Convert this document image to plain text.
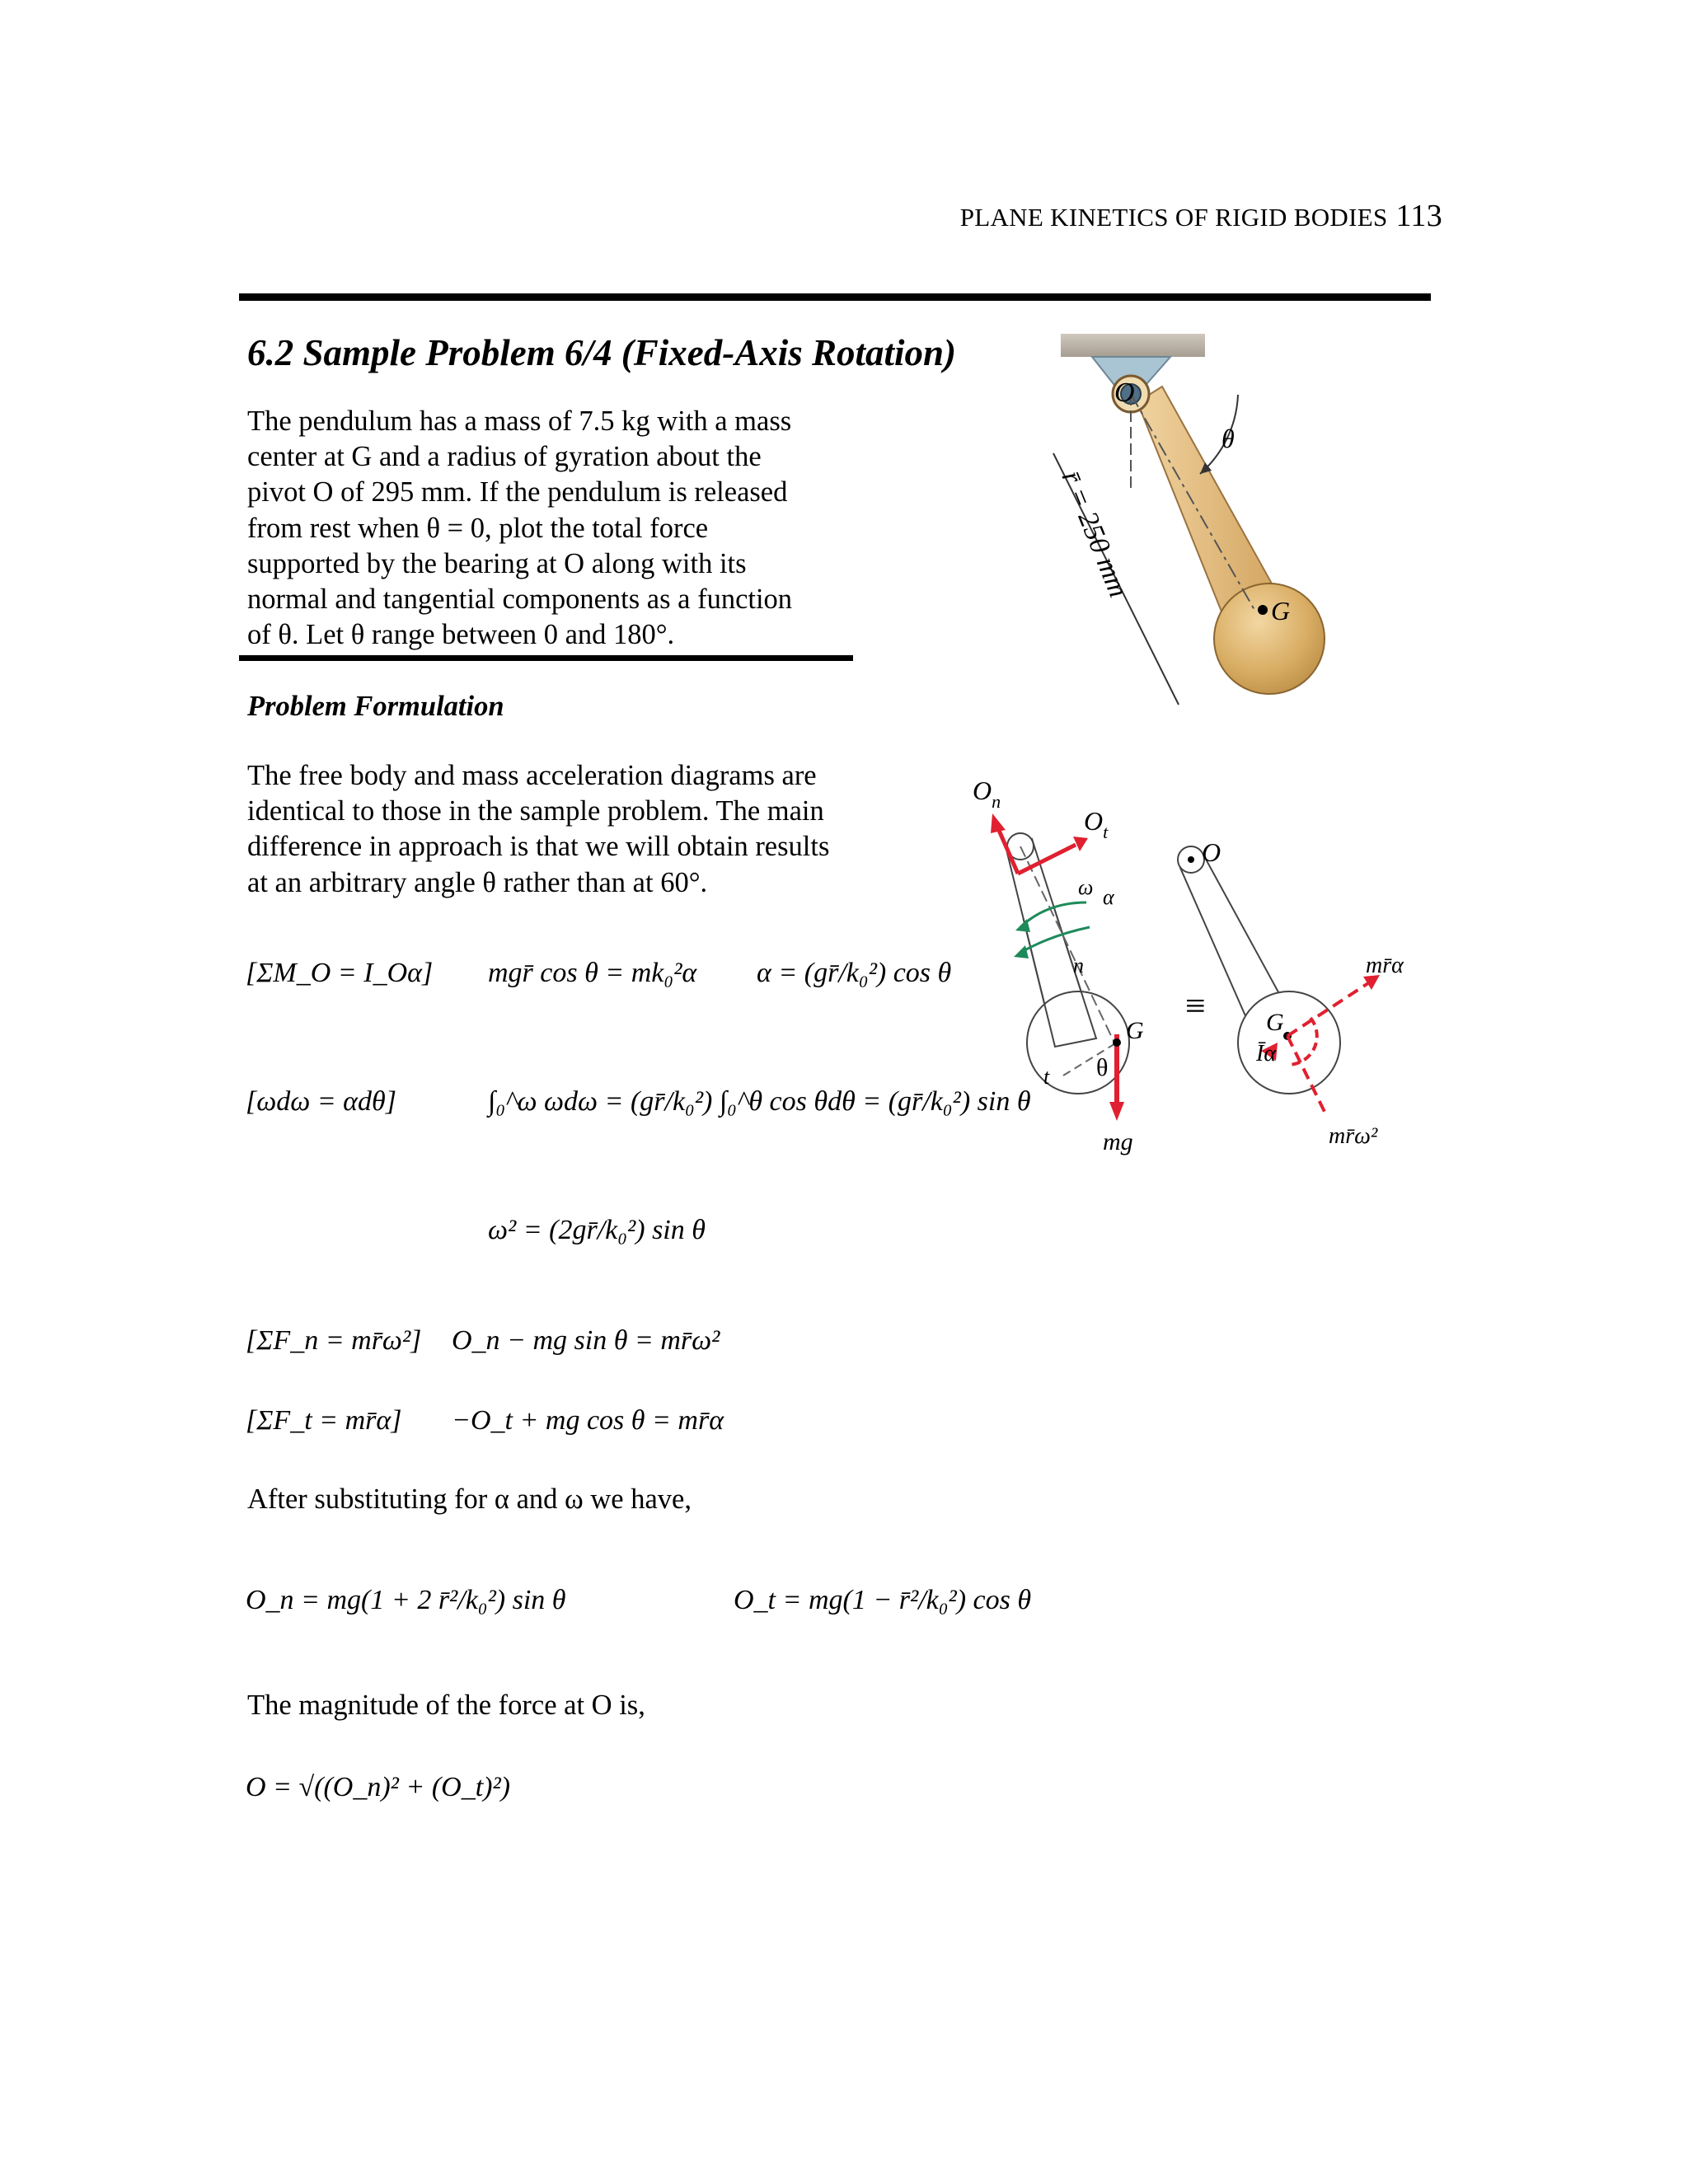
PLANE KINETICS OF RIGID BODIES 113
6.2 Sample Problem 6/4 (Fixed-Axis Rotation)

The pendulum has a mass of 7.5 kg with a mass

center at G and a radius of gyration about the

pivot O of 295 mm. If the pendulum is released

from rest when θ = 0, plot the total force

supported by the bearing at O along with its

normal and tangential components as a function

of θ. Let θ range between 0 and 180°.

Problem Formulation

The free body and mass acceleration diagrams are

identical to those in the sample problem. The main

difference in approach is that we will obtain results

at an arbitrary angle θ rather than at 60°.

[ΣM_O = I_Oα] mgr̄ cos θ = mk₀²α α = (gr̄/k₀²) cos θ
[ωdω = αdθ]	∫₀^ω ωdω = (gr̄/k₀²) ∫₀^θ cos θdθ = (gr̄/k₀²) sin θ
ω² = (2gr̄/k₀²) sin θ
[ΣF_n = mr̄ω²] O_n − mg sin θ = mr̄ω²
[ΣF_t = mr̄α] −O_t + mg cos θ = mr̄α
After substituting for α and ω we have,
O_n = mg(1 + 2 r̄²/k₀²) sin θ	O_t = mg(1 − r̄²/k₀²) cos θ
The magnitude of the force at O is,
O = √((O_n)² + (O_t)²)
O
θ
G
r̄ = 250 mm
$O_n$
$O_t$
ω α
n
t
G
θ
mg
≡
O
G
Īα
mr̄α
mr̄ω²
